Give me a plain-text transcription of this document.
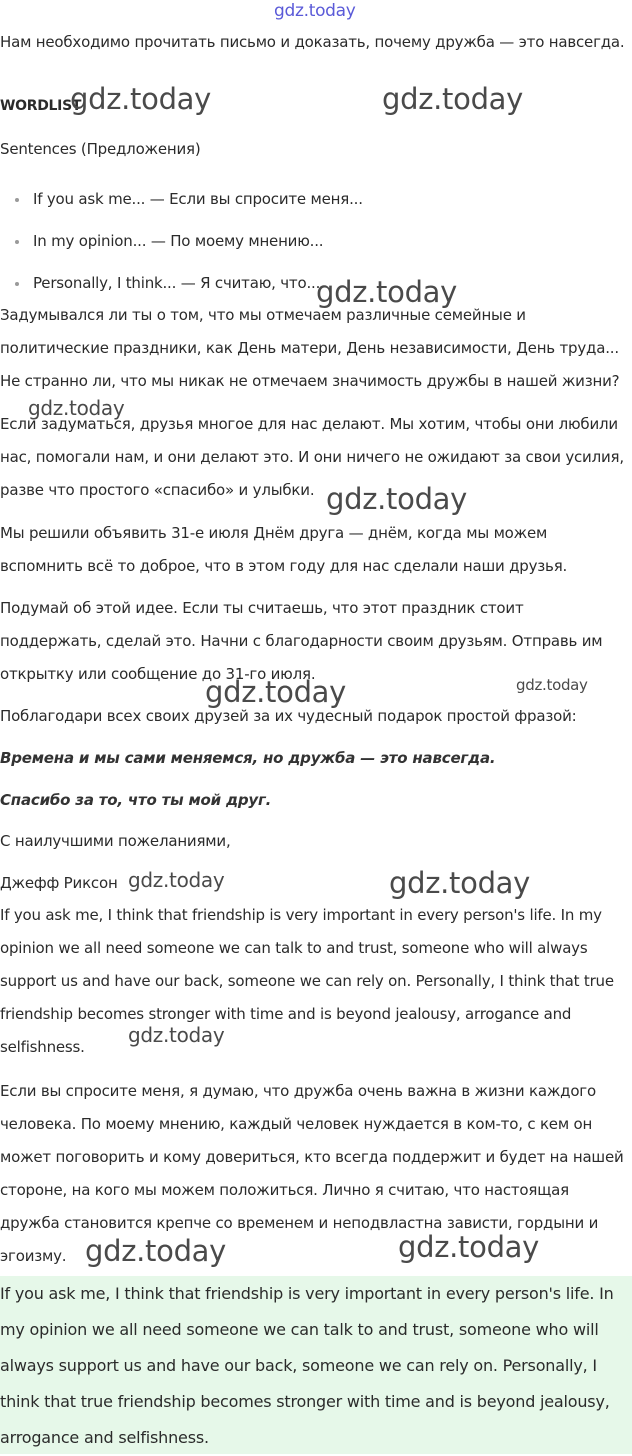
Нам необходимо прочитать письмо и доказать, почему дружба — это навсегда.

WORDLIST

Sentences (Предложения)

If you ask me... — Если вы спросите меня...
In my opinion... — По моему мнению...
Personally, I think... — Я считаю, что...

Задумывался ли ты о том, что мы отмечаем различные семейные и политические праздники, как День матери, День независимости, День труда... Не странно ли, что мы никак не отмечаем значимость дружбы в нашей жизни?

Если задуматься, друзья многое для нас делают. Мы хотим, чтобы они любили нас, помогали нам, и они делают это. И они ничего не ожидают за свои усилия, разве что простого «спасибо» и улыбки.

Мы решили объявить 31-е июля Днём друга — днём, когда мы можем вспомнить всё то доброе, что в этом году для нас сделали наши друзья.

Подумай об этой идее. Если ты считаешь, что этот праздник стоит поддержать, сделай это. Начни с благодарности своим друзьям. Отправь им открытку или сообщение до 31-го июля.

Поблагодари всех своих друзей за их чудесный подарок простой фразой:

Времена и мы сами меняемся, но дружба — это навсегда.

Спасибо за то, что ты мой друг.

С наилучшими пожеланиями,

Джефф Риксон

If you ask me, I think that friendship is very important in every person's life. In my opinion we all need someone we can talk to and trust, someone who will always support us and have our back, someone we can rely on. Personally, I think that true friendship becomes stronger with time and is beyond jealousy, arrogance and selfishness.

Если вы спросите меня, я думаю, что дружба очень важна в жизни каждого человека. По моему мнению, каждый человек нуждается в ком-то, с кем он может поговорить и кому довериться, кто всегда поддержит и будет на нашей стороне, на кого мы можем положиться. Лично я считаю, что настоящая дружба становится крепче со временем и неподвластна зависти, гордыни и эгоизму.

If you ask me, I think that friendship is very important in every person's life. In my opinion we all need someone we can talk to and trust, someone who will always support us and have our back, someone we can rely on. Personally, I think that true friendship becomes stronger with time and is beyond jealousy, arrogance and selfishness.

gdz.today
gdz.today	gdz.today
gdz.today
gdz.today
gdz.today
gdz.today	gdz.today
gdz.today	gdz.today
gdz.today
gdz.today	gdz.today
